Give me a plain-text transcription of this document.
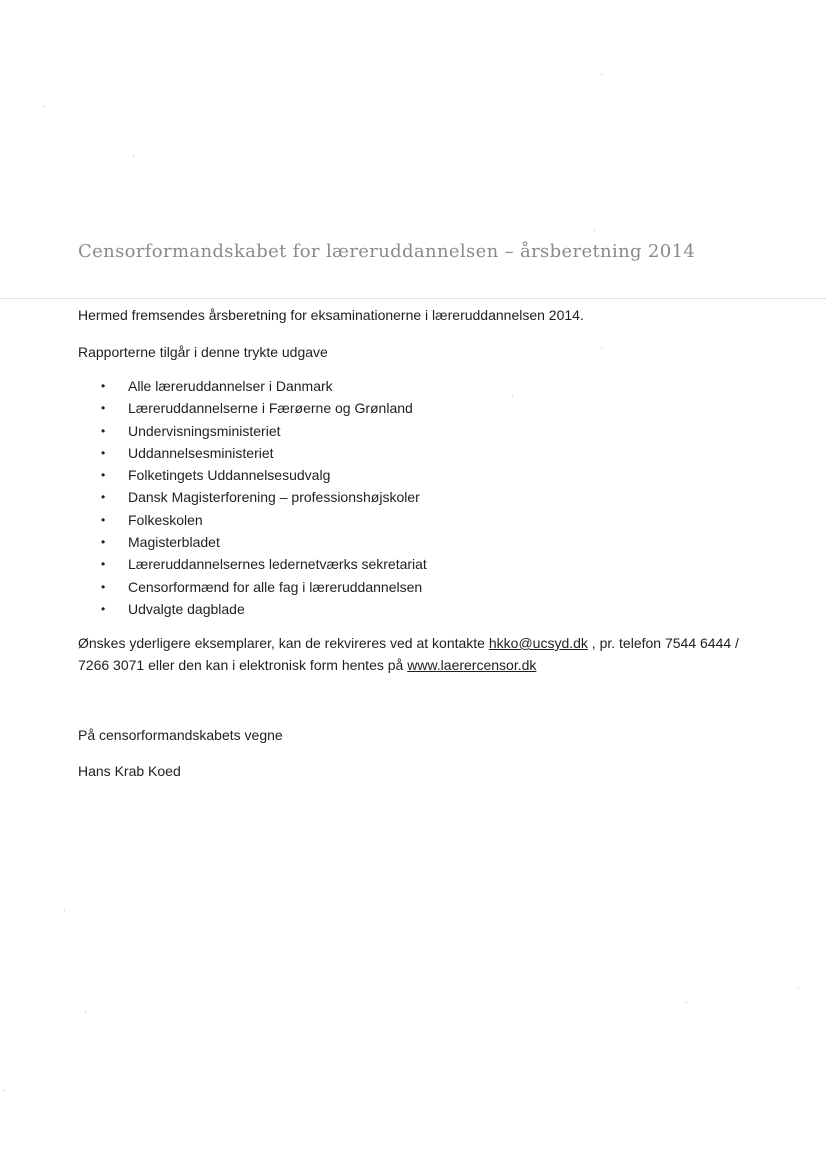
Censorformandskabet for læreruddannelsen – årsberetning 2014

Hermed fremsendes årsberetning for eksaminationerne i læreruddannelsen 2014.

Rapporterne tilgår i denne trykte udgave

• Alle læreruddannelser i Danmark
• Læreruddannelserne i Færøerne og Grønland
• Undervisningsministeriet
• Uddannelsesministeriet
• Folketingets Uddannelsesudvalg
• Dansk Magisterforening – professionshøjskoler
• Folkeskolen
• Magisterbladet
• Læreruddannelsernes ledernetværks sekretariat
• Censorformænd for alle fag i læreruddannelsen
• Udvalgte dagblade

Ønskes yderligere eksemplarer, kan de rekvireres ved at kontakte hkko@ucsyd.dk , pr. telefon 7544 6444 /
7266 3071 eller den kan i elektronisk form hentes på www.laerercensor.dk

På censorformandskabets vegne

Hans Krab Koed
